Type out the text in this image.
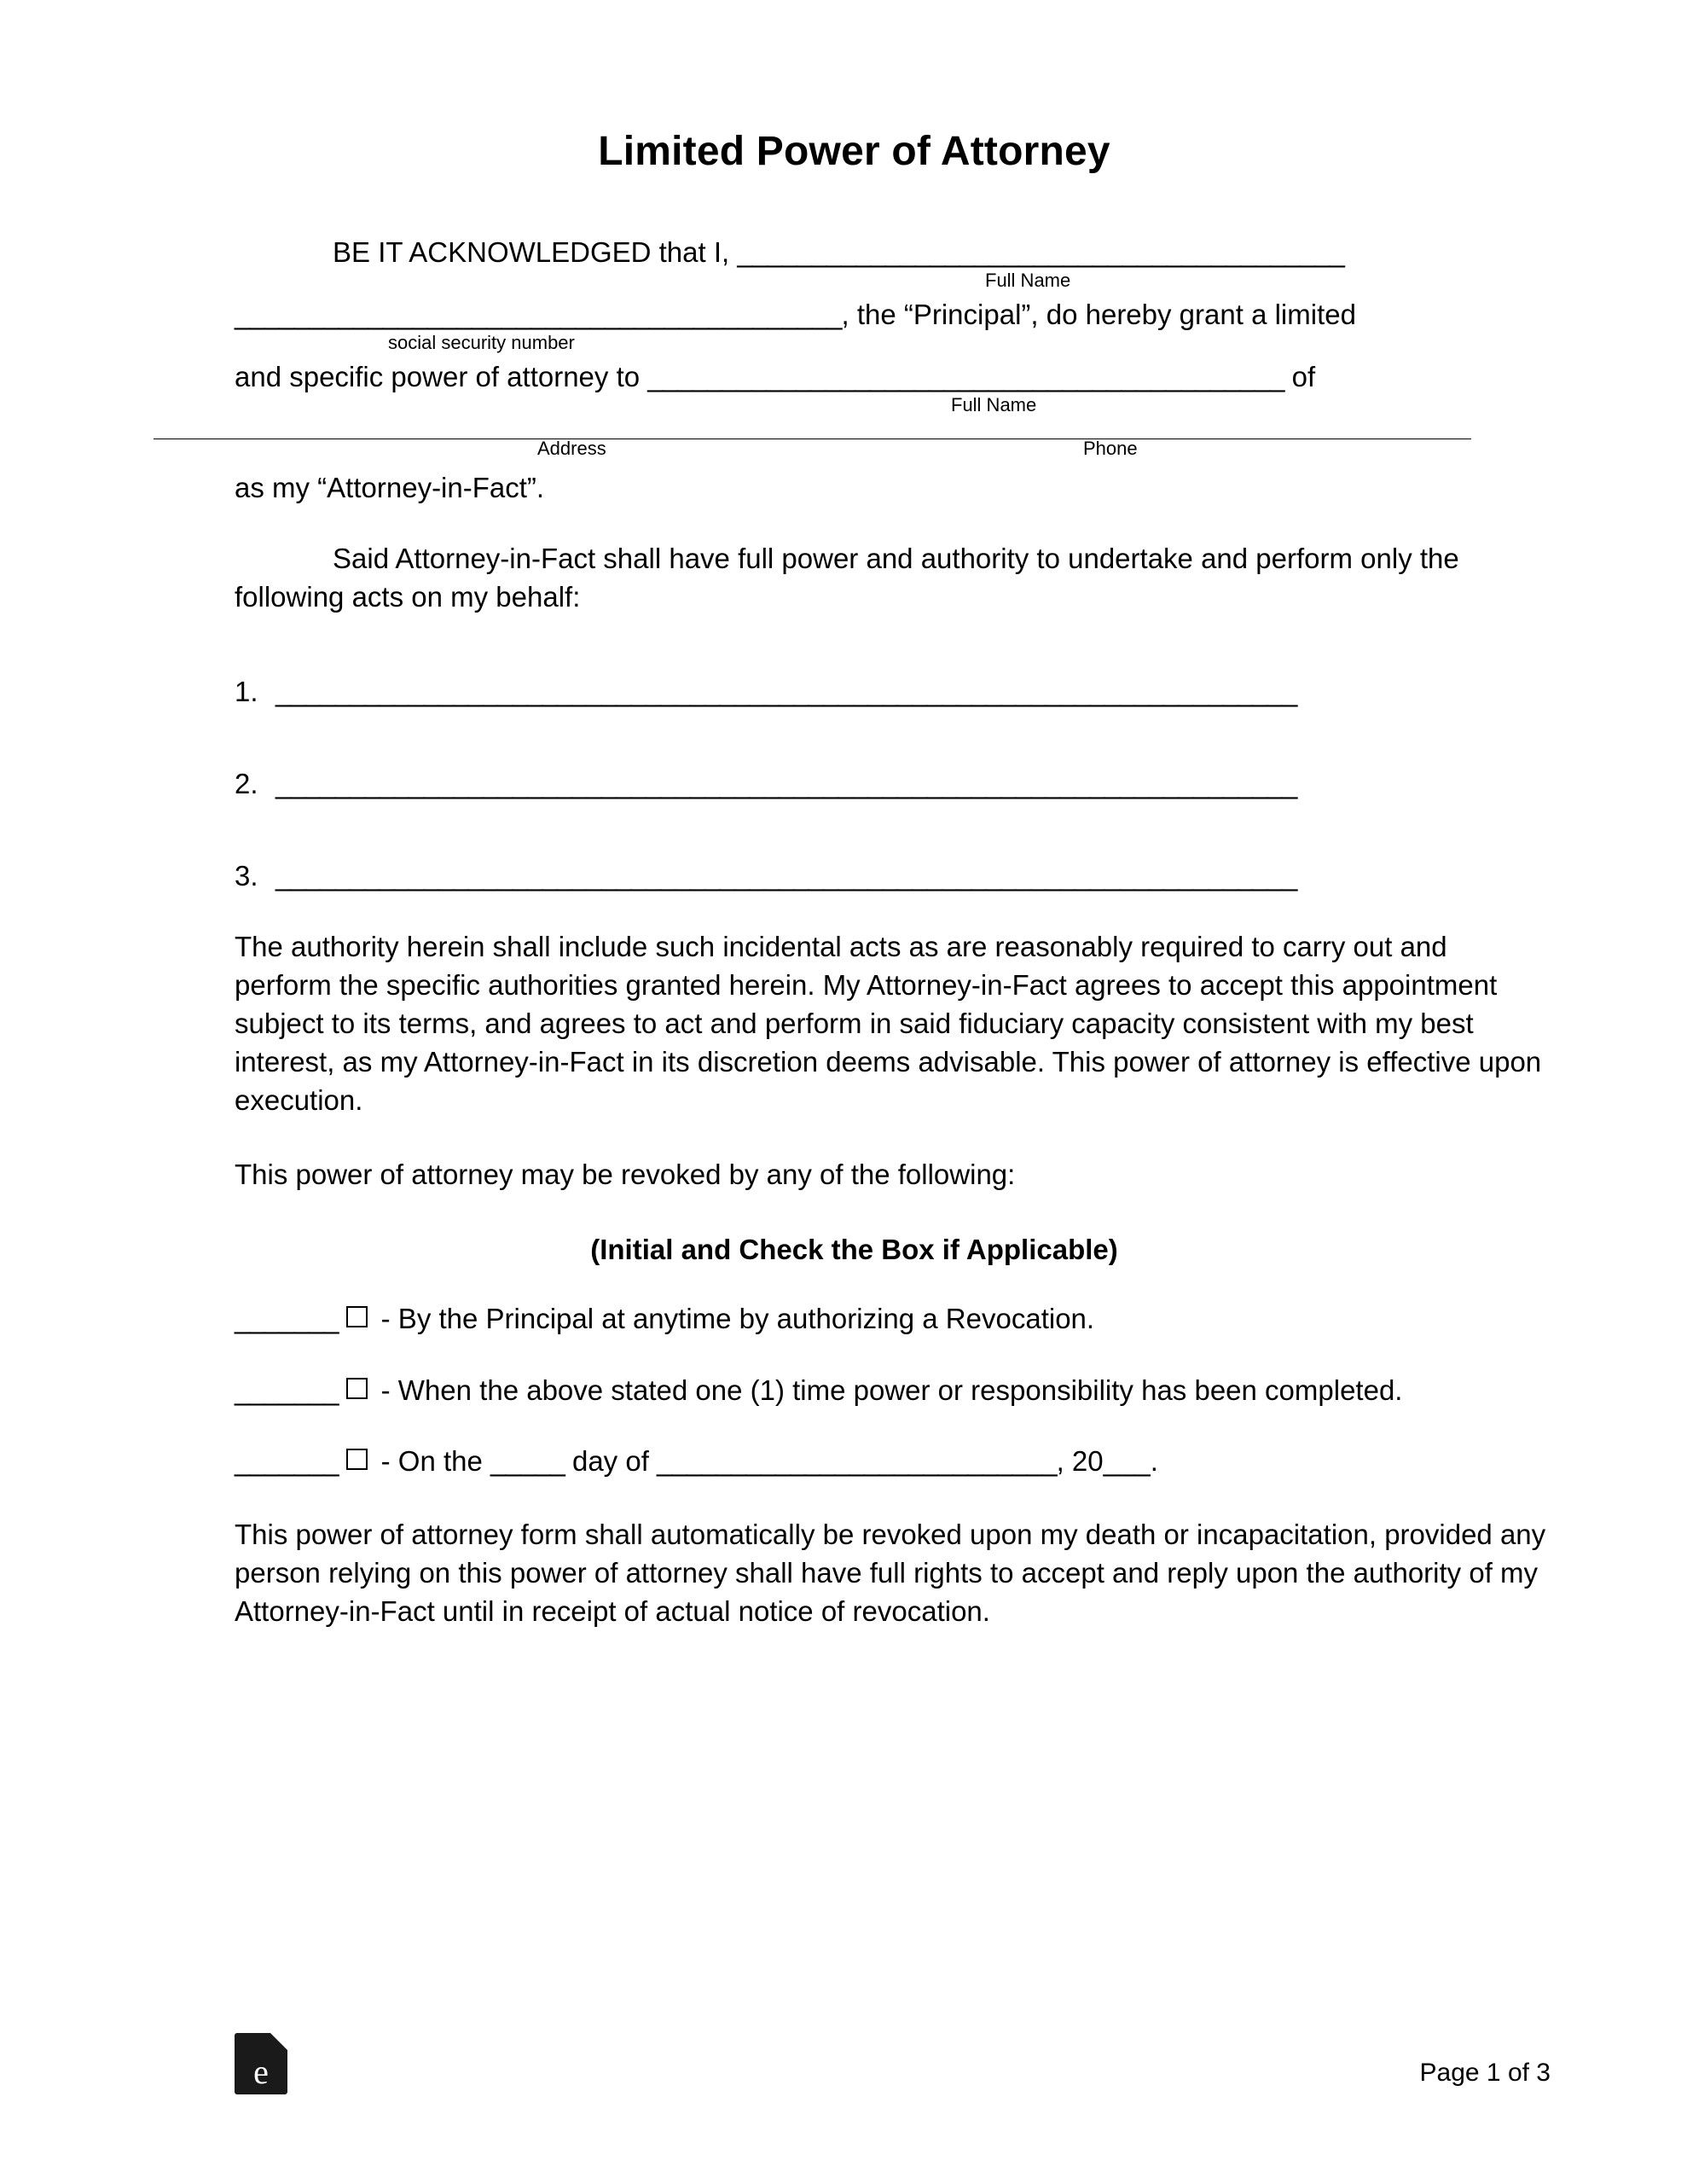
Limited Power of Attorney
BE IT ACKNOWLEDGED that I, _________________________________________
Full Name
_________________________________________, the “Principal”, do hereby grant a limited
social security number
and specific power of attorney to ___________________________________________ of
Full Name
Address	Phone
as my “Attorney-in-Fact”.

Said Attorney-in-Fact shall have full power and authority to undertake and perform only the following acts on my behalf:

1. _____________________________________________________________________
2. _____________________________________________________________________
3. _____________________________________________________________________

The authority herein shall include such incidental acts as are reasonably required to carry out and perform the specific authorities granted herein. My Attorney-in-Fact agrees to accept this appointment subject to its terms, and agrees to act and perform in said fiduciary capacity consistent with my best interest, as my Attorney-in-Fact in its discretion deems advisable. This power of attorney is effective upon execution.

This power of attorney may be revoked by any of the following:

(Initial and Check the Box if Applicable)
_______ - By the Principal at anytime by authorizing a Revocation.
_______ - When the above stated one (1) time power or responsibility has been completed.
_______ - On the _____ day of ___________________________, 20___.

This power of attorney form shall automatically be revoked upon my death or incapacitation, provided any person relying on this power of attorney shall have full rights to accept and reply upon the authority of my Attorney-in-Fact until in receipt of actual notice of revocation.

e	Page 1 of 3
